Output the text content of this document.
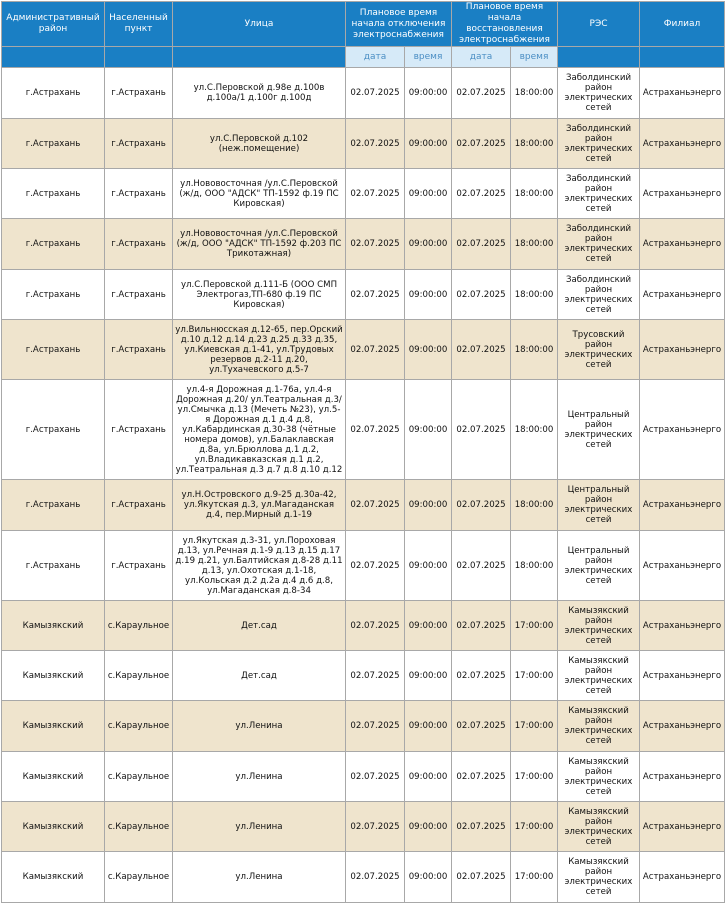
Административный район	Населенный пункт	Улица	Плановое время начала отключения электроснабжения		Плановое время начала восстановления электроснабжения		РЭС	Филиал
			дата	время	дата	время		
г.Астрахань	г.Астрахань	ул.С.Перовской д.98е д.100в д.100а/1 д.100г д.100д	02.07.2025	09:00:00	02.07.2025	18:00:00	Заболдинский район электрических сетей	Астраханьэнерго
г.Астрахань	г.Астрахань	ул.С.Перовской д.102 (неж.помещение)	02.07.2025	09:00:00	02.07.2025	18:00:00	Заболдинский район электрических сетей	Астраханьэнерго
г.Астрахань	г.Астрахань	ул.Нововосточная /ул.С.Перовской (ж/д, ООО "АДСК" ТП-1592 ф.19 ПС Кировская)	02.07.2025	09:00:00	02.07.2025	18:00:00	Заболдинский район электрических сетей	Астраханьэнерго
г.Астрахань	г.Астрахань	ул.Нововосточная /ул.С.Перовской (ж/д, ООО "АДСК" ТП-1592 ф.203 ПС Трикотажная)	02.07.2025	09:00:00	02.07.2025	18:00:00	Заболдинский район электрических сетей	Астраханьэнерго
г.Астрахань	г.Астрахань	ул.С.Перовской д.111-Б (ООО СМП Электрогаз,ТП-680 ф.19 ПС Кировская)	02.07.2025	09:00:00	02.07.2025	18:00:00	Заболдинский район электрических сетей	Астраханьэнерго
г.Астрахань	г.Астрахань	ул.Вильнюсская д.12-65, пер.Орский д.10 д.12 д.14 д.23 д.25 д.33 д.35, ул.Киевская д.1-41, ул.Трудовых резервов д.2-11 д.20, ул.Тухачевского д.5-7	02.07.2025	09:00:00	02.07.2025	18:00:00	Трусовский район электрических сетей	Астраханьэнерго
г.Астрахань	г.Астрахань	ул.4-я Дорожная д.1-76а, ул.4-я Дорожная д.20/ ул.Театральная д.3/ ул.Смычка д.13 (Мечеть №23), ул.5-я Дорожная д.1 д.4 д.8, ул.Кабардинская д.30-38 (чётные номера домов), ул.Балаклавская д.8а, ул.Брюллова д.1 д.2, ул.Владикавказская д.1 д.2, ул.Театральная д.3 д.7 д.8 д.10 д.12	02.07.2025	09:00:00	02.07.2025	18:00:00	Центральный район электрических сетей	Астраханьэнерго
г.Астрахань	г.Астрахань	ул.Н.Островского д.9-25 д.30а-42, ул.Якутская д.3, ул.Магаданская д.4, пер.Мирный д.1-19	02.07.2025	09:00:00	02.07.2025	18:00:00	Центральный район электрических сетей	Астраханьэнерго
г.Астрахань	г.Астрахань	ул.Якутская д.3-31, ул.Пороховая д.13, ул.Речная д.1-9 д.13 д.15 д.17 д.19 д.21, ул.Балтийская д.8-28 д.11 д.13, ул.Охотская д.1-18, ул.Кольская д.2 д.2а д.4 д.6 д.8, ул.Магаданская д.8-34	02.07.2025	09:00:00	02.07.2025	18:00:00	Центральный район электрических сетей	Астраханьэнерго
Камызякский	с.Караульное	Дет.сад	02.07.2025	09:00:00	02.07.2025	17:00:00	Камызякский район электрических сетей	Астраханьэнерго
Камызякский	с.Караульное	Дет.сад	02.07.2025	09:00:00	02.07.2025	17:00:00	Камызякский район электрических сетей	Астраханьэнерго
Камызякский	с.Караульное	ул.Ленина	02.07.2025	09:00:00	02.07.2025	17:00:00	Камызякский район электрических сетей	Астраханьэнерго
Камызякский	с.Караульное	ул.Ленина	02.07.2025	09:00:00	02.07.2025	17:00:00	Камызякский район электрических сетей	Астраханьэнерго
Камызякский	с.Караульное	ул.Ленина	02.07.2025	09:00:00	02.07.2025	17:00:00	Камызякский район электрических сетей	Астраханьэнерго
Камызякский	с.Караульное	ул.Ленина	02.07.2025	09:00:00	02.07.2025	17:00:00	Камызякский район электрических сетей	Астраханьэнерго
